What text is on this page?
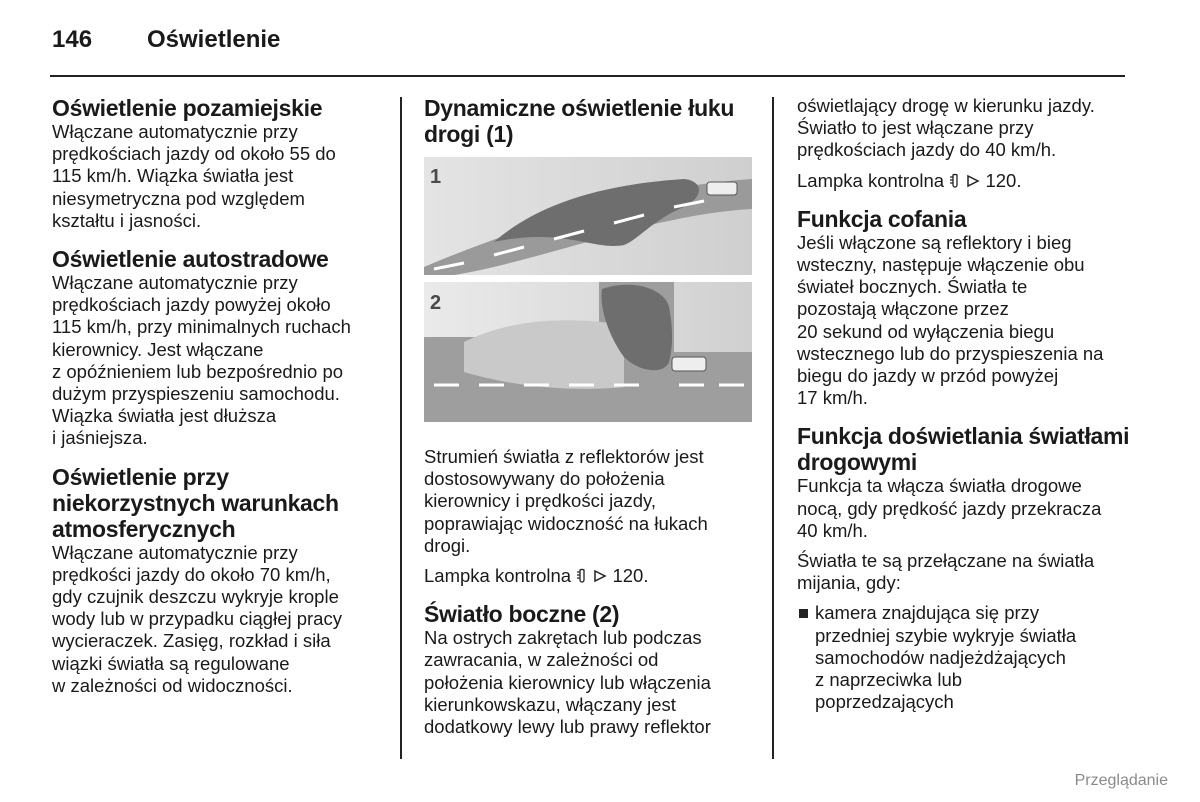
146 Oświetlenie
Oświetlenie pozamiejskie

Włączane automatycznie przy
prędkościach jazdy od około 55 do
115 km/h. Wiązka światła jest
niesymetryczna pod względem
kształtu i jasności.

Oświetlenie autostradowe

Włączane automatycznie przy
prędkościach jazdy powyżej około
115 km/h, przy minimalnych ruchach
kierownicy. Jest włączane
z opóźnieniem lub bezpośrednio po
dużym przyspieszeniu samochodu.
Wiązka światła jest dłuższa
i jaśniejsza.

Oświetlenie przy
niekorzystnych warunkach
atmosferycznych

Włączane automatycznie przy
prędkości jazdy do około 70 km/h,
gdy czujnik deszczu wykryje krople
wody lub w przypadku ciągłej pracy
wycieraczek. Zasięg, rozkład i siła
wiązki światła są regulowane
w zależności od widoczności.

Dynamiczne oświetlenie łuku
drogi (1)
1
2

Strumień światła z reflektorów jest
dostosowywany do położenia
kierownicy i prędkości jazdy,
poprawiając widoczność na łukach
drogi.

Lampka kontrolna 120.

Światło boczne (2)

Na ostrych zakrętach lub podczas
zawracania, w zależności od
położenia kierownicy lub włączenia
kierunkowskazu, włączany jest
dodatkowy lewy lub prawy reflektor

oświetlający drogę w kierunku jazdy.
Światło to jest włączane przy
prędkościach jazdy do 40 km/h.

Lampka kontrolna 120.

Funkcja cofania

Jeśli włączone są reflektory i bieg
wsteczny, następuje włączenie obu
świateł bocznych. Światła te
pozostają włączone przez
20 sekund od wyłączenia biegu
wstecznego lub do przyspieszenia na
biegu do jazdy w przód powyżej
17 km/h.

Funkcja doświetlania światłami
drogowymi

Funkcja ta włącza światła drogowe
nocą, gdy prędkość jazdy przekracza
40 km/h.

Światła te są przełączane na światła
mijania, gdy:

kamera znajdująca się przy
przedniej szybie wykryje światła
samochodów nadjeżdżających
z naprzeciwka lub
poprzedzających
Przeglądanie
